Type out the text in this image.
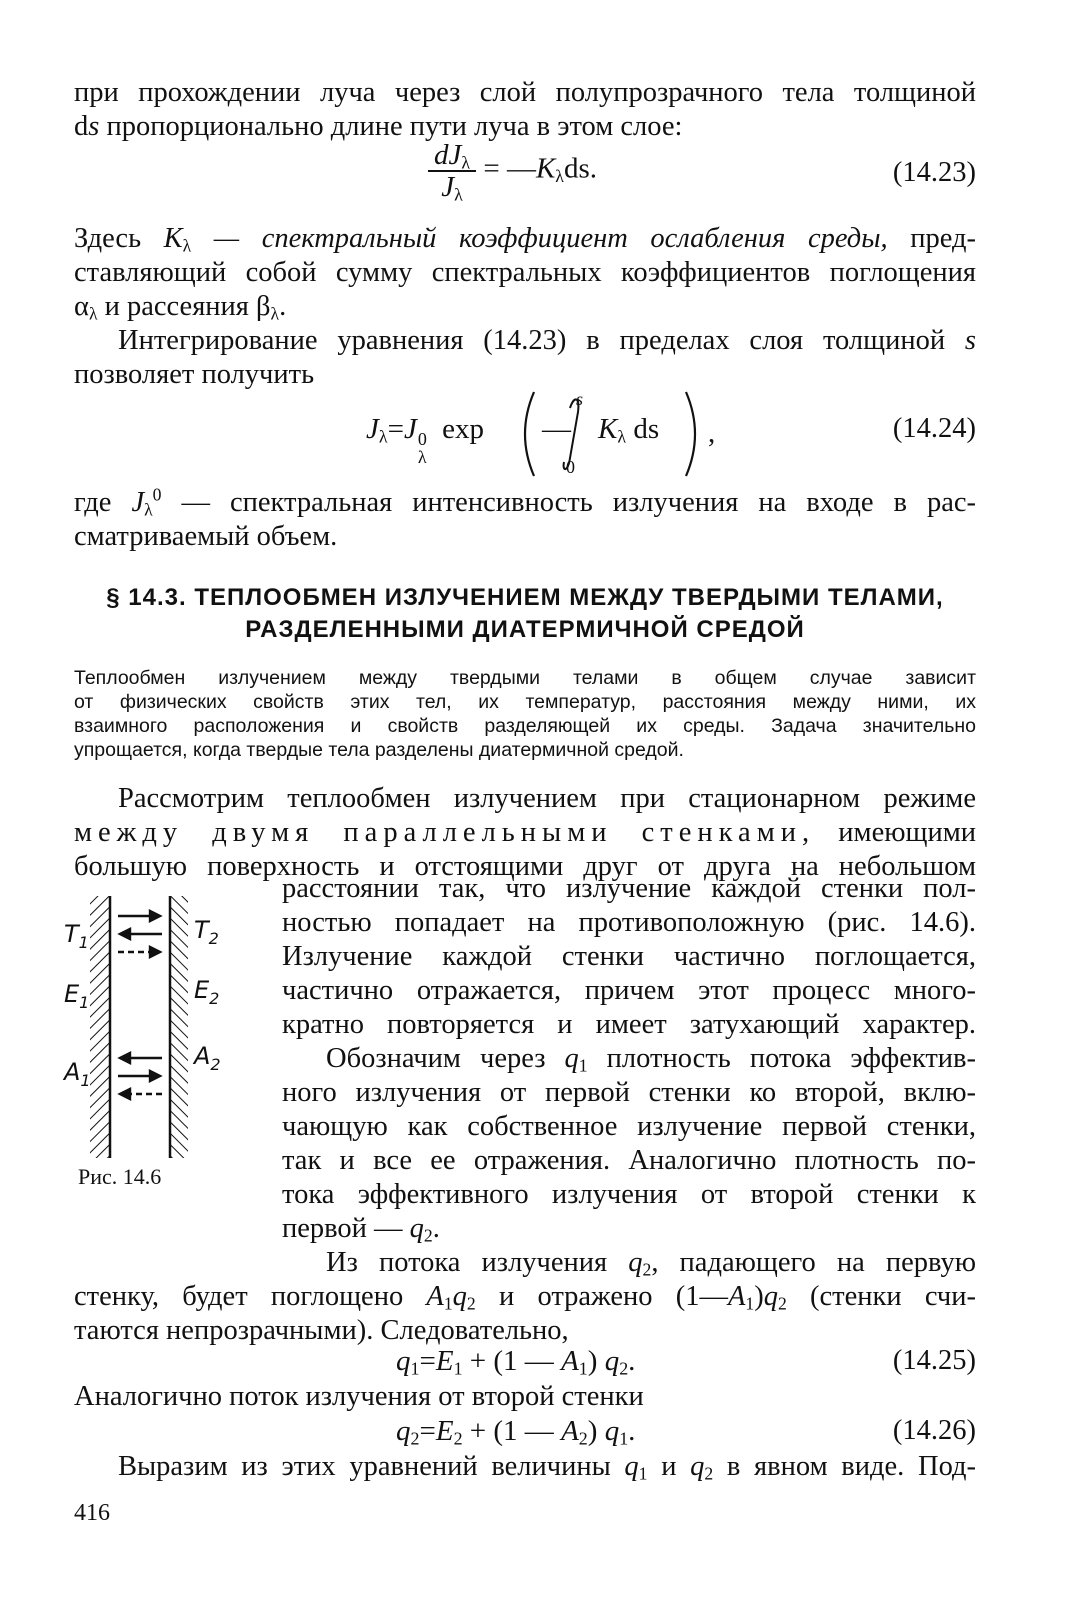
при прохождении луча через слой полупрозрачного тела толщиной
ds пропорционально длине пути луча в этом слое:
$\frac{dJ_\lambda}{J_\lambda}$ = $—K_\lambda ds$.	(14.23)
Здесь $K_\lambda$ — спектральный коэффициент ослабления среды, пред-
ставляющий собой сумму спектральных коэффициентов поглощения
$\alpha_\lambda$ и рассеяния $\beta_\lambda$.
Интегрирование уравнения (14.23) в пределах слоя толщиной s
позволяет получить
$J_\lambda=J$ 0
λ
exp —
s
0
$K_\lambda$ ds ,	(14.24)
где $J_\lambda^0$ — спектральная интенсивность излучения на входе в рас-
сматриваемый объем.
§ 14.3. ТЕПЛООБМЕН ИЗЛУЧЕНИЕМ МЕЖДУ ТВЕРДЫМИ ТЕЛАМИ,
РАЗДЕЛЕННЫМИ ДИАТЕРМИЧНОЙ СРЕДОЙ
Теплообмен излучением между твердыми телами в общем случае зависит
от физических свойств этих тел, их температур, расстояния между ними, их
взаимного расположения и свойств разделяющей их среды. Задача значительно
упрощается, когда твердые тела разделены диатермичной средой.
Рассмотрим теплообмен излучением при стационарном режиме
между двумя параллельными стенками, имеющими
большую поверхность и отстоящими друг от друга на небольшом
$T_1$	$T_2$
$E_1$	$E_2$
$A_1$
$A_2$
Рис. 14.6
расстоянии так, что излучение каждой стенки пол-
ностью попадает на противоположную (рис. 14.6).
Излучение каждой стенки частично поглощается,
частично отражается, причем этот процесс много-
кратно повторяется и имеет затухающий характер.
Обозначим через $q_1$ плотность потока эффектив-
ного излучения от первой стенки ко второй, вклю-
чающую как собственное излучение первой стенки,
так и все ее отражения. Аналогично плотность по-
тока эффективного излучения от второй стенки к
первой — $q_2$.
Из потока излучения $q_2$, падающего на первую
стенку, будет поглощено $A_1q_2$ и отражено $(1—A_1)q_2$ (стенки счи-
таются непрозрачными). Следовательно,
$q_1=E_1 + (1$ — $A_1$) $q_2$.	(14.25)
Аналогично поток излучения от второй стенки
$q_2=E_2 + (1$ — $A_2$) $q_1$.	(14.26)
Выразим из этих уравнений величины $q_1$ и $q_2$ в явном виде. Под-
416
